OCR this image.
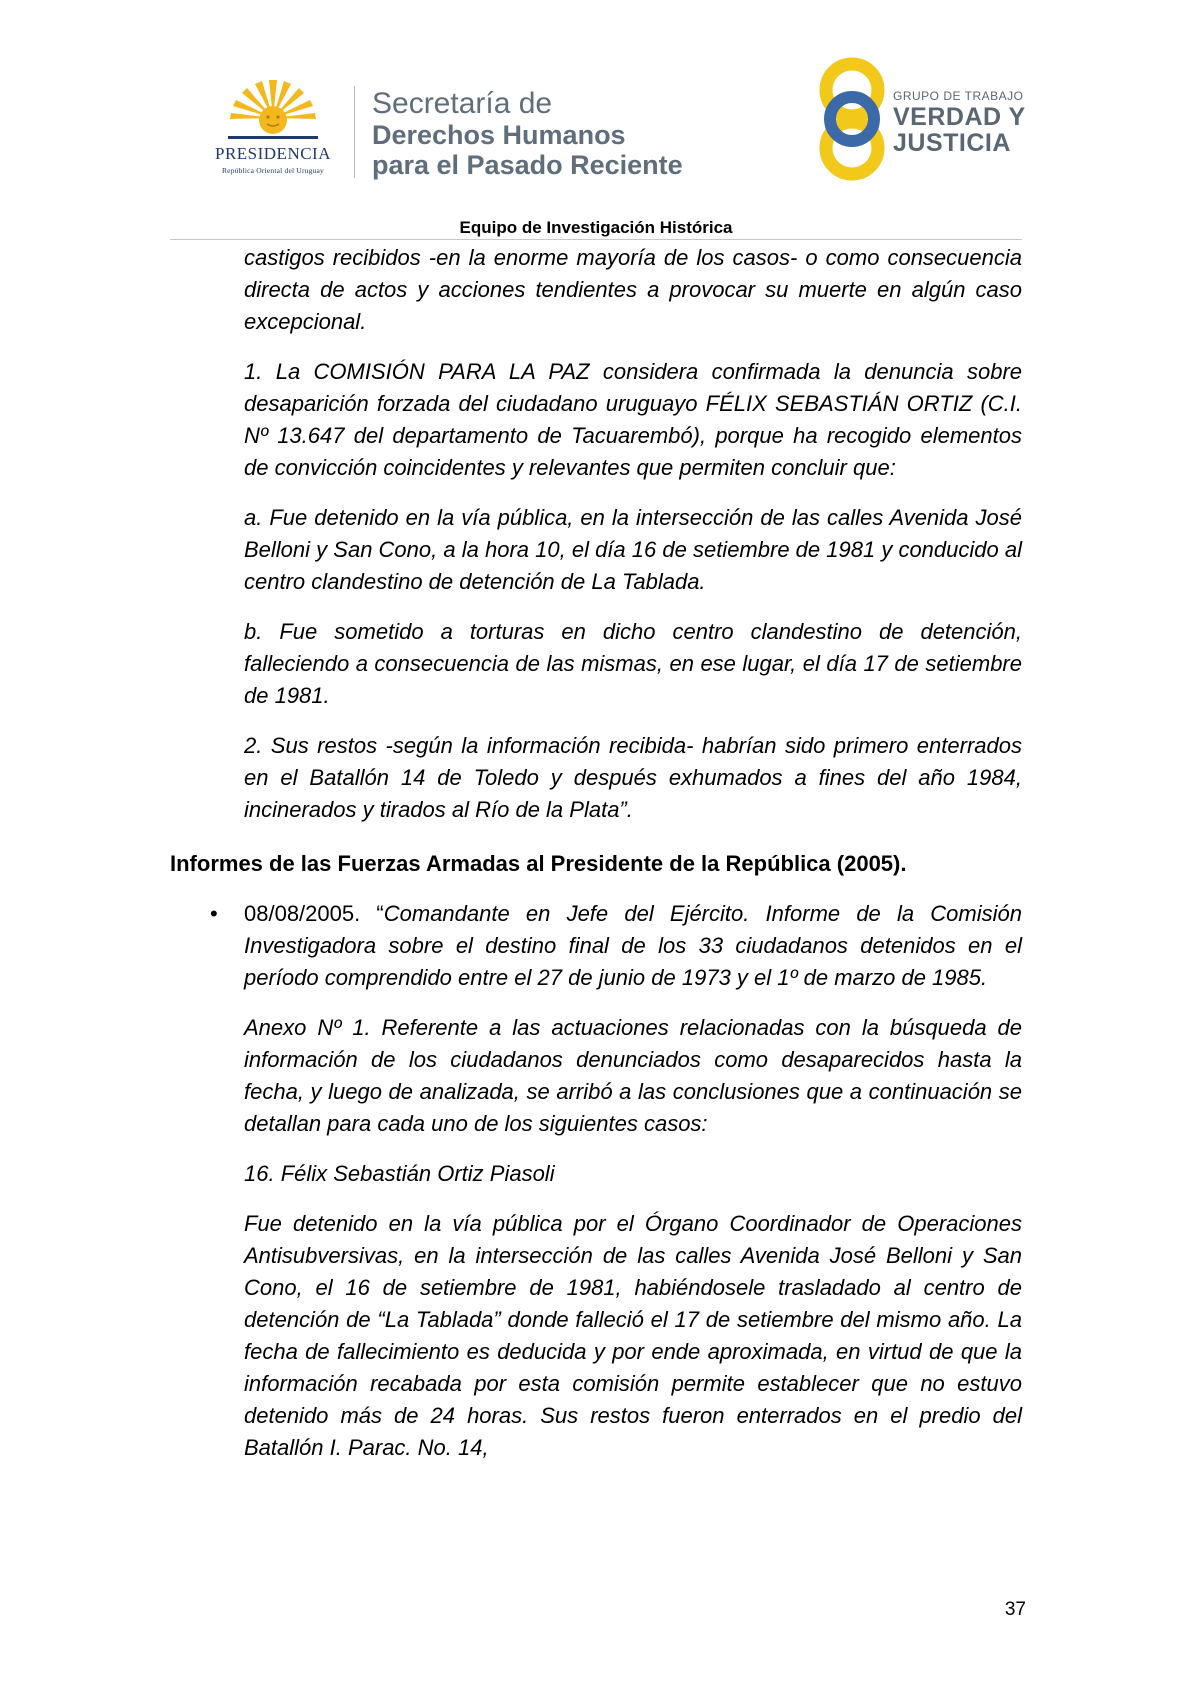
PRESIDENCIA
República Oriental del Uruguay
Secretaría de
Derechos Humanos
para el Pasado Reciente
GRUPO DE TRABAJO
VERDAD Y
JUSTICIA
Equipo de Investigación Histórica

castigos recibidos -en la enorme mayoría de los casos- o como consecuencia directa de actos y acciones tendientes a provocar su muerte en algún caso excepcional.

1. La COMISIÓN PARA LA PAZ considera confirmada la denuncia sobre desaparición forzada del ciudadano uruguayo FÉLIX SEBASTIÁN ORTIZ (C.I. Nº 13.647 del departamento de Tacuarembó), porque ha recogido elementos de convicción coincidentes y relevantes que permiten concluir que:

a. Fue detenido en la vía pública, en la intersección de las calles Avenida José Belloni y San Cono, a la hora 10, el día 16 de setiembre de 1981 y conducido al centro clandestino de detención de La Tablada.

b. Fue sometido a torturas en dicho centro clandestino de detención, falleciendo a consecuencia de las mismas, en ese lugar, el día 17 de setiembre de 1981.

2. Sus restos -según la información recibida- habrían sido primero enterrados en el Batallón 14 de Toledo y después exhumados a fines del año 1984, incinerados y tirados al Río de la Plata”.

Informes de las Fuerzas Armadas al Presidente de la República (2005).

• 08/08/2005. “Comandante en Jefe del Ejército. Informe de la Comisión Investigadora sobre el destino final de los 33 ciudadanos detenidos en el período comprendido entre el 27 de junio de 1973 y el 1º de marzo de 1985.

Anexo Nº 1. Referente a las actuaciones relacionadas con la búsqueda de información de los ciudadanos denunciados como desaparecidos hasta la fecha, y luego de analizada, se arribó a las conclusiones que a continuación se detallan para cada uno de los siguientes casos:

16. Félix Sebastián Ortiz Piasoli

Fue detenido en la vía pública por el Órgano Coordinador de Operaciones Antisubversivas, en la intersección de las calles Avenida José Belloni y San Cono, el 16 de setiembre de 1981, habiéndosele trasladado al centro de detención de “La Tablada” donde falleció el 17 de setiembre del mismo año. La fecha de fallecimiento es deducida y por ende aproximada, en virtud de que la información recabada por esta comisión permite establecer que no estuvo detenido más de 24 horas. Sus restos fueron enterrados en el predio del Batallón I. Parac. No. 14,

37
